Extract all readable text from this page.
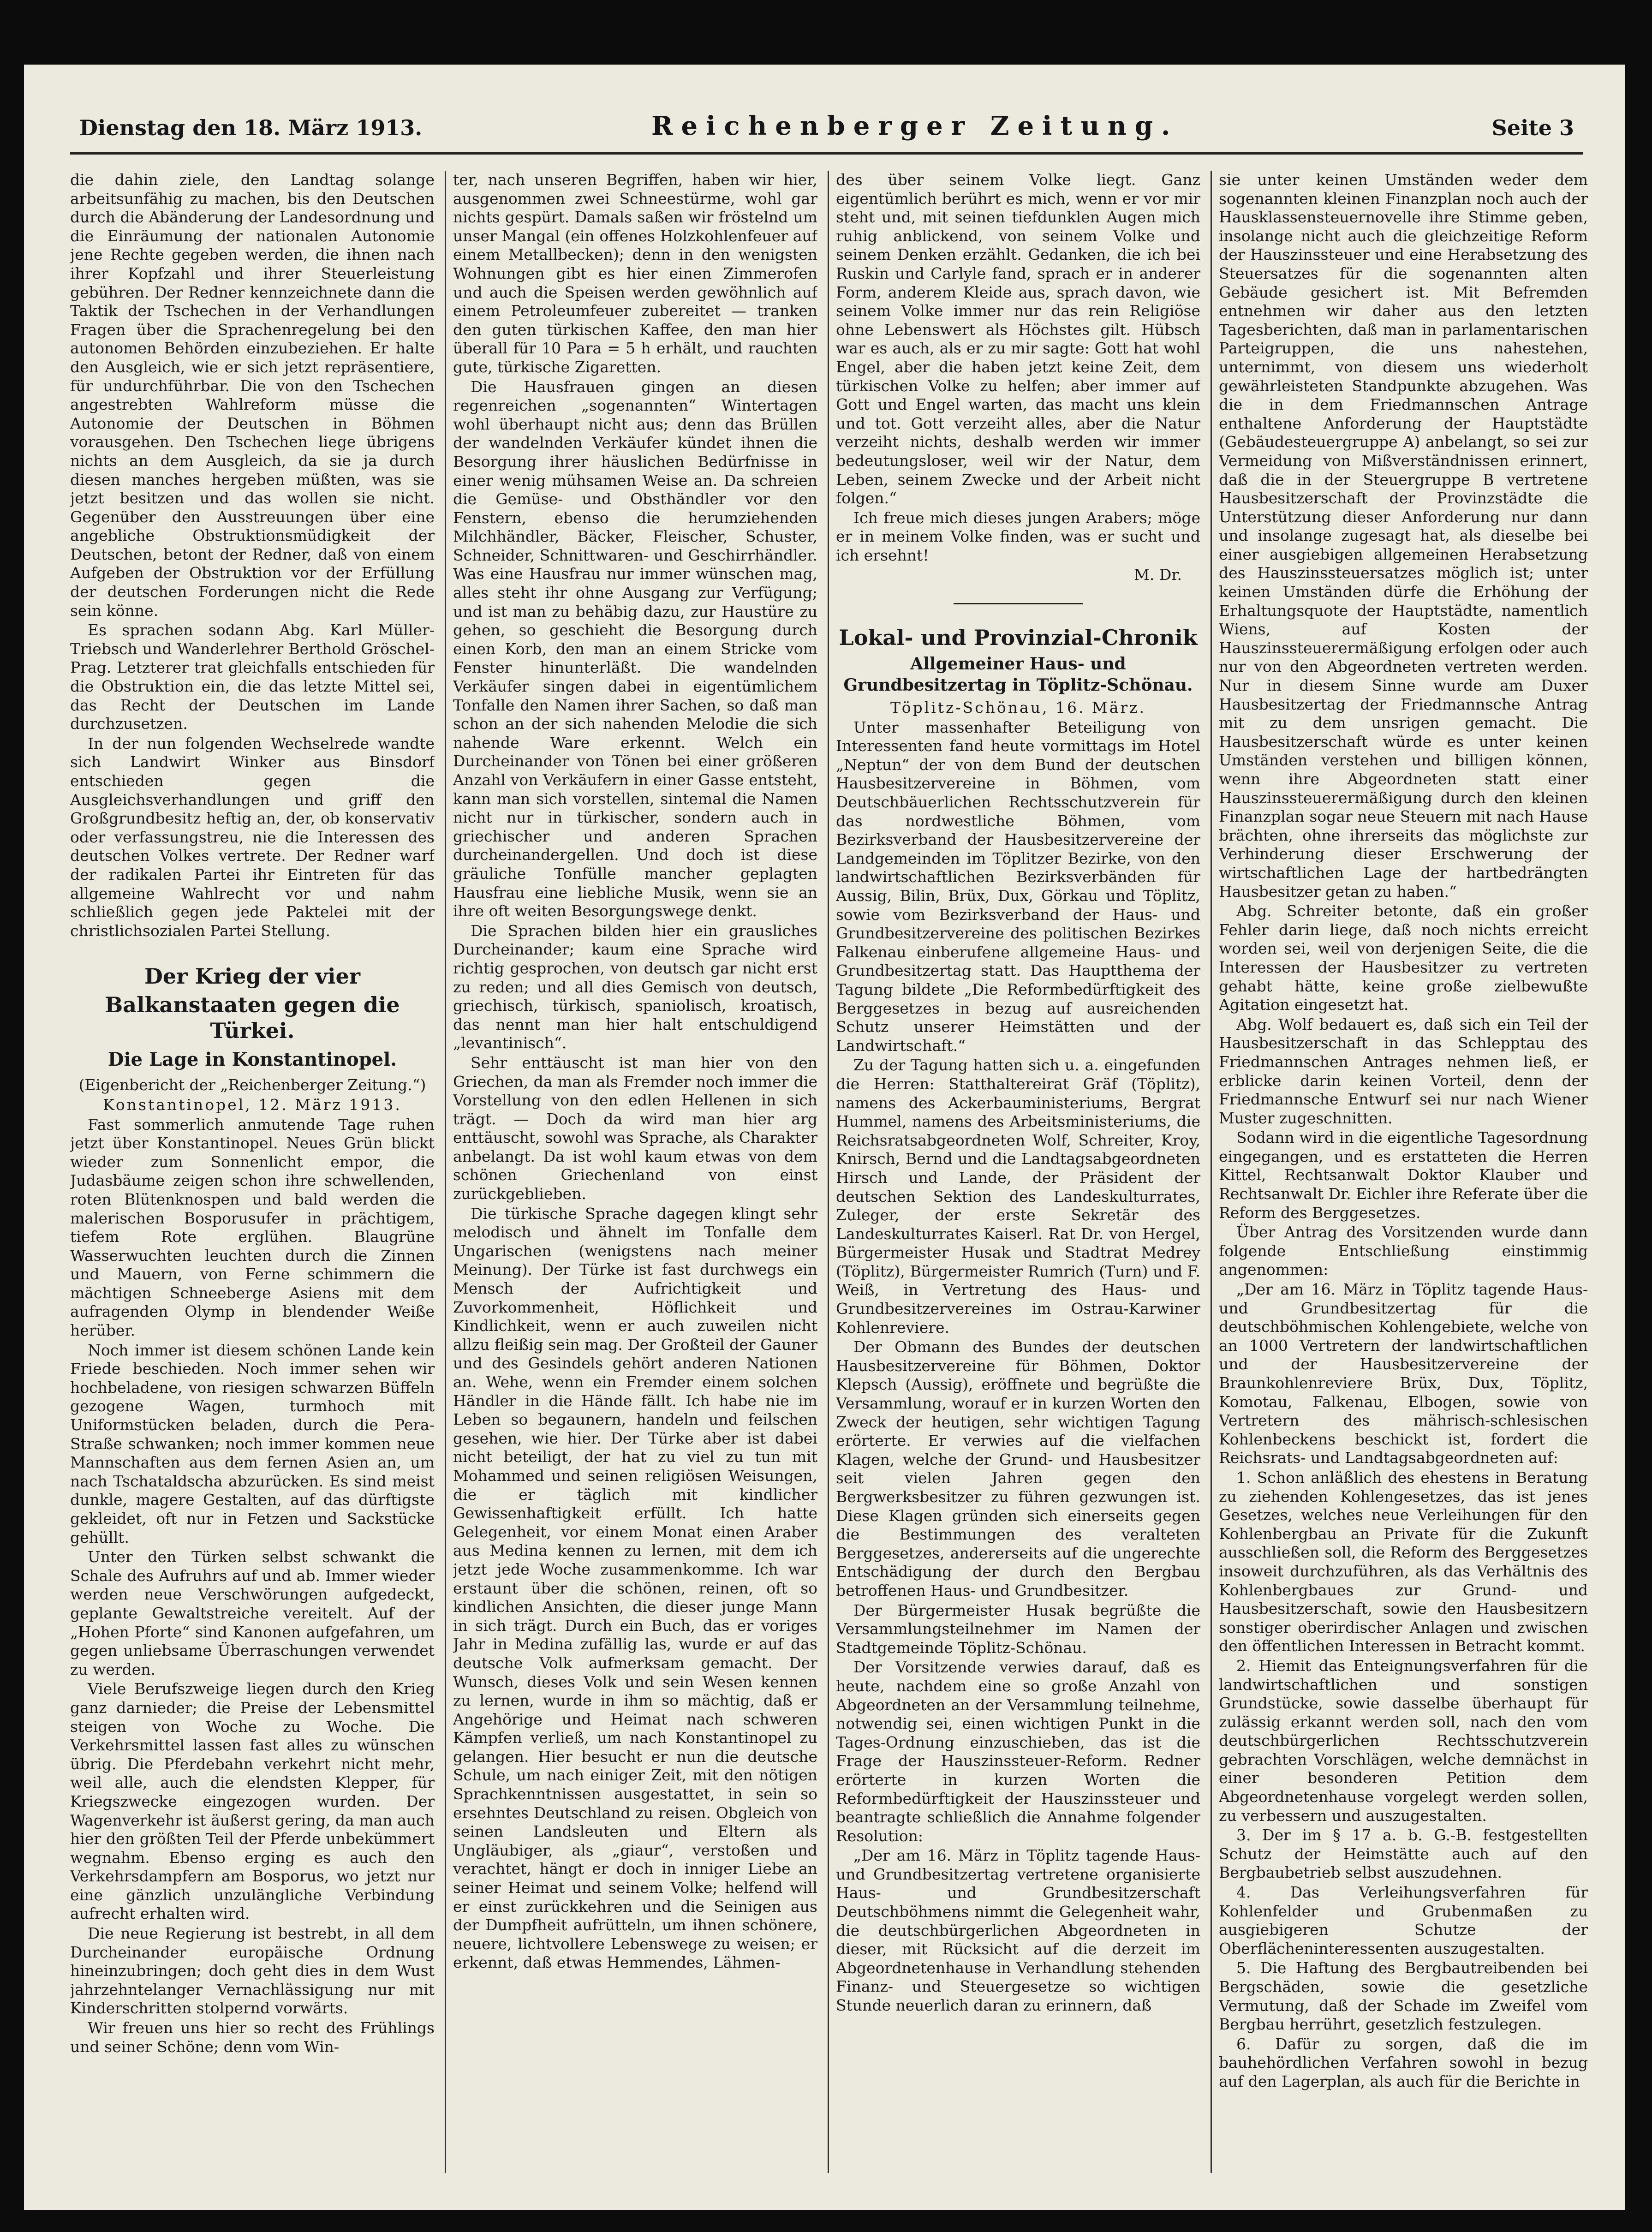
Dienstag den 18. März 1913.	Reichenberger Zeitung.	Seite 3

die dahin ziele, den Landtag solange arbeitsunfähig zu machen, bis den Deutschen durch die Abänderung der Landesordnung und die Einräumung der nationalen Autonomie jene Rechte gegeben werden, die ihnen nach ihrer Kopfzahl und ihrer Steuerleistung gebühren. Der Redner kennzeichnete dann die Taktik der Tschechen in der Verhandlungen Fragen über die Sprachenregelung bei den autonomen Behörden einzubeziehen. Er halte den Ausgleich, wie er sich jetzt repräsentiere, für undurchführbar. Die von den Tschechen angestrebten Wahlreform müsse die Autonomie der Deutschen in Böhmen vorausgehen. Den Tschechen liege übrigens nichts an dem Ausgleich, da sie ja durch diesen manches hergeben müßten, was sie jetzt besitzen und das wollen sie nicht. Gegenüber den Ausstreuungen über eine angebliche Obstruktionsmüdigkeit der Deutschen, betont der Redner, daß von einem Aufgeben der Obstruktion vor der Erfüllung der deutschen Forderungen nicht die Rede sein könne.

Es sprachen sodann Abg. Karl Müller-Triebsch und Wanderlehrer Berthold Gröschel-Prag. Letzterer trat gleichfalls entschieden für die Obstruktion ein, die das letzte Mittel sei, das Recht der Deutschen im Lande durchzusetzen.

In der nun folgenden Wechselrede wandte sich Landwirt Winker aus Binsdorf entschieden gegen die Ausgleichsverhandlungen und griff den Großgrundbesitz heftig an, der, ob konservativ oder verfassungstreu, nie die Interessen des deutschen Volkes vertrete. Der Redner warf der radikalen Partei ihr Eintreten für das allgemeine Wahlrecht vor und nahm schließlich gegen jede Paktelei mit der christlichsozialen Partei Stellung.

Der Krieg der vier
Balkanstaaten gegen die Türkei.
Die Lage in Konstantinopel.

(Eigenbericht der „Reichenberger Zeitung.“)

Konstantinopel, 12. März 1913.

Fast sommerlich anmutende Tage ruhen jetzt über Konstantinopel. Neues Grün blickt wieder zum Sonnenlicht empor, die Judasbäume zeigen schon ihre schwellenden, roten Blütenknospen und bald werden die malerischen Bosporusufer in prächtigem, tiefem Rote erglühen. Blaugrüne Wasserwuchten leuchten durch die Zinnen und Mauern, von Ferne schimmern die mächtigen Schneeberge Asiens mit dem aufragenden Olymp in blendender Weiße herüber.

Noch immer ist diesem schönen Lande kein Friede beschieden. Noch immer sehen wir hochbeladene, von riesigen schwarzen Büffeln gezogene Wagen, turmhoch mit Uniformstücken beladen, durch die Pera-Straße schwanken; noch immer kommen neue Mannschaften aus dem fernen Asien an, um nach Tschataldscha abzurücken. Es sind meist dunkle, magere Gestalten, auf das dürftigste gekleidet, oft nur in Fetzen und Sackstücke gehüllt.

Unter den Türken selbst schwankt die Schale des Aufruhrs auf und ab. Immer wieder werden neue Verschwörungen aufgedeckt, geplante Gewaltstreiche vereitelt. Auf der „Hohen Pforte“ sind Kanonen aufgefahren, um gegen unliebsame Überraschungen verwendet zu werden.

Viele Berufszweige liegen durch den Krieg ganz darnieder; die Preise der Lebensmittel steigen von Woche zu Woche. Die Verkehrsmittel lassen fast alles zu wünschen übrig. Die Pferdebahn verkehrt nicht mehr, weil alle, auch die elendsten Klepper, für Kriegszwecke eingezogen wurden. Der Wagenverkehr ist äußerst gering, da man auch hier den größten Teil der Pferde unbekümmert wegnahm. Ebenso erging es auch den Verkehrsdampfern am Bosporus, wo jetzt nur eine gänzlich unzulängliche Verbindung aufrecht erhalten wird.

Die neue Regierung ist bestrebt, in all dem Durcheinander europäische Ordnung hineinzubringen; doch geht dies in dem Wust jahrzehntelanger Vernachlässigung nur mit Kinderschritten stolpernd vorwärts.

Wir freuen uns hier so recht des Frühlings und seiner Schöne; denn vom Win-

ter, nach unseren Begriffen, haben wir hier, ausgenommen zwei Schneestürme, wohl gar nichts gespürt. Damals saßen wir fröstelnd um unser Mangal (ein offenes Holzkohlenfeuer auf einem Metallbecken); denn in den wenigsten Wohnungen gibt es hier einen Zimmerofen und auch die Speisen werden gewöhnlich auf einem Petroleumfeuer zubereitet — tranken den guten türkischen Kaffee, den man hier überall für 10 Para = 5 h erhält, und rauchten gute, türkische Zigaretten.

Die Hausfrauen gingen an diesen regenreichen „sogenannten“ Wintertagen wohl überhaupt nicht aus; denn das Brüllen der wandelnden Verkäufer kündet ihnen die Besorgung ihrer häuslichen Bedürfnisse in einer wenig mühsamen Weise an. Da schreien die Gemüse- und Obsthändler vor den Fenstern, ebenso die herumziehenden Milchhändler, Bäcker, Fleischer, Schuster, Schneider, Schnittwaren- und Geschirrhändler. Was eine Hausfrau nur immer wünschen mag, alles steht ihr ohne Ausgang zur Verfügung; und ist man zu behäbig dazu, zur Haustüre zu gehen, so geschieht die Besorgung durch einen Korb, den man an einem Stricke vom Fenster hinunterläßt. Die wandelnden Verkäufer singen dabei in eigentümlichem Tonfalle den Namen ihrer Sachen, so daß man schon an der sich nahenden Melodie die sich nahende Ware erkennt. Welch ein Durcheinander von Tönen bei einer größeren Anzahl von Verkäufern in einer Gasse entsteht, kann man sich vorstellen, sintemal die Namen nicht nur in türkischer, sondern auch in griechischer und anderen Sprachen durcheinandergellen. Und doch ist diese gräuliche Tonfülle mancher geplagten Hausfrau eine liebliche Musik, wenn sie an ihre oft weiten Besorgungswege denkt.

Die Sprachen bilden hier ein grausliches Durcheinander; kaum eine Sprache wird richtig gesprochen, von deutsch gar nicht erst zu reden; und all dies Gemisch von deutsch, griechisch, türkisch, spaniolisch, kroatisch, das nennt man hier halt entschuldigend „levantinisch“.

Sehr enttäuscht ist man hier von den Griechen, da man als Fremder noch immer die Vorstellung von den edlen Hellenen in sich trägt. — Doch da wird man hier arg enttäuscht, sowohl was Sprache, als Charakter anbelangt. Da ist wohl kaum etwas von dem schönen Griechenland von einst zurückgeblieben.

Die türkische Sprache dagegen klingt sehr melodisch und ähnelt im Tonfalle dem Ungarischen (wenigstens nach meiner Meinung). Der Türke ist fast durchwegs ein Mensch der Aufrichtigkeit und Zuvorkommenheit, Höflichkeit und Kindlichkeit, wenn er auch zuweilen nicht allzu fleißig sein mag. Der Großteil der Gauner und des Gesindels gehört anderen Nationen an. Wehe, wenn ein Fremder einem solchen Händler in die Hände fällt. Ich habe nie im Leben so begaunern, handeln und feilschen gesehen, wie hier. Der Türke aber ist dabei nicht beteiligt, der hat zu viel zu tun mit Mohammed und seinen religiösen Weisungen, die er täglich mit kindlicher Gewissenhaftigkeit erfüllt. Ich hatte Gelegenheit, vor einem Monat einen Araber aus Medina kennen zu lernen, mit dem ich jetzt jede Woche zusammenkomme. Ich war erstaunt über die schönen, reinen, oft so kindlichen Ansichten, die dieser junge Mann in sich trägt. Durch ein Buch, das er voriges Jahr in Medina zufällig las, wurde er auf das deutsche Volk aufmerksam gemacht. Der Wunsch, dieses Volk und sein Wesen kennen zu lernen, wurde in ihm so mächtig, daß er Angehörige und Heimat nach schweren Kämpfen verließ, um nach Konstantinopel zu gelangen. Hier besucht er nun die deutsche Schule, um nach einiger Zeit, mit den nötigen Sprachkenntnissen ausgestattet, in sein so ersehntes Deutschland zu reisen. Obgleich von seinen Landsleuten und Eltern als Ungläubiger, als „giaur“, verstoßen und verachtet, hängt er doch in inniger Liebe an seiner Heimat und seinem Volke; helfend will er einst zurückkehren und die Seinigen aus der Dumpfheit aufrütteln, um ihnen schönere, neuere, lichtvollere Lebenswege zu weisen; er erkennt, daß etwas Hemmendes, Lähmen-

des über seinem Volke liegt. Ganz eigentümlich berührt es mich, wenn er vor mir steht und, mit seinen tiefdunklen Augen mich ruhig anblickend, von seinem Volke und seinem Denken erzählt. Gedanken, die ich bei Ruskin und Carlyle fand, sprach er in anderer Form, anderem Kleide aus, sprach davon, wie seinem Volke immer nur das rein Religiöse ohne Lebenswert als Höchstes gilt. Hübsch war es auch, als er zu mir sagte: Gott hat wohl Engel, aber die haben jetzt keine Zeit, dem türkischen Volke zu helfen; aber immer auf Gott und Engel warten, das macht uns klein und tot. Gott verzeiht alles, aber die Natur verzeiht nichts, deshalb werden wir immer bedeutungsloser, weil wir der Natur, dem Leben, seinem Zwecke und der Arbeit nicht folgen.“

Ich freue mich dieses jungen Arabers; möge er in meinem Volke finden, was er sucht und ich ersehnt!

M. Dr.

Lokal- und Provinzial-Chronik
Allgemeiner Haus- und Grundbesitzertag in Töplitz-Schönau.

Töplitz-Schönau, 16. März.

Unter massenhafter Beteiligung von Interessenten fand heute vormittags im Hotel „Neptun“ der von dem Bund der deutschen Hausbesitzervereine in Böhmen, vom Deutschbäuerlichen Rechtsschutzverein für das nordwestliche Böhmen, vom Bezirksverband der Hausbesitzervereine der Landgemeinden im Töplitzer Bezirke, von den landwirtschaftlichen Bezirksverbänden für Aussig, Bilin, Brüx, Dux, Görkau und Töplitz, sowie vom Bezirksverband der Haus- und Grundbesitzervereine des politischen Bezirkes Falkenau einberufene allgemeine Haus- und Grundbesitzertag statt. Das Hauptthema der Tagung bildete „Die Reformbedürftigkeit des Berggesetzes in bezug auf ausreichenden Schutz unserer Heimstätten und der Landwirtschaft.“

Zu der Tagung hatten sich u. a. eingefunden die Herren: Statthaltereirat Gräf (Töplitz), namens des Ackerbauministeriums, Bergrat Hummel, namens des Arbeitsministeriums, die Reichsratsabgeordneten Wolf, Schreiter, Kroy, Knirsch, Bernd und die Landtagsabgeordneten Hirsch und Lande, der Präsident der deutschen Sektion des Landeskulturrates, Zuleger, der erste Sekretär des Landeskulturrates Kaiserl. Rat Dr. von Hergel, Bürgermeister Husak und Stadtrat Medrey (Töplitz), Bürgermeister Rumrich (Turn) und F. Weiß, in Vertretung des Haus- und Grundbesitzervereines im Ostrau-Karwiner Kohlenreviere.

Der Obmann des Bundes der deutschen Hausbesitzervereine für Böhmen, Doktor Klepsch (Aussig), eröffnete und begrüßte die Versammlung, worauf er in kurzen Worten den Zweck der heutigen, sehr wichtigen Tagung erörterte. Er verwies auf die vielfachen Klagen, welche der Grund- und Hausbesitzer seit vielen Jahren gegen den Bergwerksbesitzer zu führen gezwungen ist. Diese Klagen gründen sich einerseits gegen die Bestimmungen des veralteten Berggesetzes, andererseits auf die ungerechte Entschädigung der durch den Bergbau betroffenen Haus- und Grundbesitzer.

Der Bürgermeister Husak begrüßte die Versammlungsteilnehmer im Namen der Stadtgemeinde Töplitz-Schönau.

Der Vorsitzende verwies darauf, daß es heute, nachdem eine so große Anzahl von Abgeordneten an der Versammlung teilnehme, notwendig sei, einen wichtigen Punkt in die Tages-Ordnung einzuschieben, das ist die Frage der Hauszinssteuer-Reform. Redner erörterte in kurzen Worten die Reformbedürftigkeit der Hauszinssteuer und beantragte schließlich die Annahme folgender Resolution:

„Der am 16. März in Töplitz tagende Haus- und Grundbesitzertag vertretene organisierte Haus- und Grundbesitzerschaft Deutschböhmens nimmt die Gelegenheit wahr, die deutschbürgerlichen Abgeordneten in dieser, mit Rücksicht auf die derzeit im Abgeordnetenhause in Verhandlung stehenden Finanz- und Steuergesetze so wichtigen Stunde neuerlich daran zu erinnern, daß

sie unter keinen Umständen weder dem sogenannten kleinen Finanzplan noch auch der Hausklassensteuernovelle ihre Stimme geben, insolange nicht auch die gleichzeitige Reform der Hauszinssteuer und eine Herabsetzung des Steuersatzes für die sogenannten alten Gebäude gesichert ist. Mit Befremden entnehmen wir daher aus den letzten Tagesberichten, daß man in parlamentarischen Parteigruppen, die uns nahestehen, unternimmt, von diesem uns wiederholt gewährleisteten Standpunkte abzugehen. Was die in dem Friedmannschen Antrage enthaltene Anforderung der Hauptstädte (Gebäudesteuergruppe A) anbelangt, so sei zur Vermeidung von Mißverständnissen erinnert, daß die in der Steuergruppe B vertretene Hausbesitzerschaft der Provinzstädte die Unterstützung dieser Anforderung nur dann und insolange zugesagt hat, als dieselbe bei einer ausgiebigen allgemeinen Herabsetzung des Hauszinssteuersatzes möglich ist; unter keinen Umständen dürfe die Erhöhung der Erhaltungsquote der Hauptstädte, namentlich Wiens, auf Kosten der Hauszinssteuerermäßigung erfolgen oder auch nur von den Abgeordneten vertreten werden. Nur in diesem Sinne wurde am Duxer Hausbesitzertag der Friedmannsche Antrag mit zu dem unsrigen gemacht. Die Hausbesitzerschaft würde es unter keinen Umständen verstehen und billigen können, wenn ihre Abgeordneten statt einer Hauszinssteuerermäßigung durch den kleinen Finanzplan sogar neue Steuern mit nach Hause brächten, ohne ihrerseits das möglichste zur Verhinderung dieser Erschwerung der wirtschaftlichen Lage der hartbedrängten Hausbesitzer getan zu haben.“

Abg. Schreiter betonte, daß ein großer Fehler darin liege, daß noch nichts erreicht worden sei, weil von derjenigen Seite, die die Interessen der Hausbesitzer zu vertreten gehabt hätte, keine große zielbewußte Agitation eingesetzt hat.

Abg. Wolf bedauert es, daß sich ein Teil der Hausbesitzerschaft in das Schlepptau des Friedmannschen Antrages nehmen ließ, er erblicke darin keinen Vorteil, denn der Friedmannsche Entwurf sei nur nach Wiener Muster zugeschnitten.

Sodann wird in die eigentliche Tagesordnung eingegangen, und es erstatteten die Herren Kittel, Rechtsanwalt Doktor Klauber und Rechtsanwalt Dr. Eichler ihre Referate über die Reform des Berggesetzes.

Über Antrag des Vorsitzenden wurde dann folgende Entschließung einstimmig angenommen:

„Der am 16. März in Töplitz tagende Haus- und Grundbesitzertag für die deutschböhmischen Kohlengebiete, welche von an 1000 Vertretern der landwirtschaftlichen und der Hausbesitzervereine der Braunkohlenreviere Brüx, Dux, Töplitz, Komotau, Falkenau, Elbogen, sowie von Vertretern des mährisch-schlesischen Kohlenbeckens beschickt ist, fordert die Reichsrats- und Landtagsabgeordneten auf:

1. Schon anläßlich des ehestens in Beratung zu ziehenden Kohlengesetzes, das ist jenes Gesetzes, welches neue Verleihungen für den Kohlenbergbau an Private für die Zukunft ausschließen soll, die Reform des Berggesetzes insoweit durchzuführen, als das Verhältnis des Kohlenbergbaues zur Grund- und Hausbesitzerschaft, sowie den Hausbesitzern sonstiger oberirdischer Anlagen und zwischen den öffentlichen Interessen in Betracht kommt.

2. Hiemit das Enteignungsverfahren für die landwirtschaftlichen und sonstigen Grundstücke, sowie dasselbe überhaupt für zulässig erkannt werden soll, nach den vom deutschbürgerlichen Rechtsschutzverein gebrachten Vorschlägen, welche demnächst in einer besonderen Petition dem Abgeordnetenhause vorgelegt werden sollen, zu verbessern und auszugestalten.

3. Der im § 17 a. b. G.-B. festgestellten Schutz der Heimstätte auch auf den Bergbaubetrieb selbst auszudehnen.

4. Das Verleihungsverfahren für Kohlenfelder und Grubenmaßen zu ausgiebigeren Schutze der Oberflächeninteressenten auszugestalten.

5. Die Haftung des Bergbautreibenden bei Bergschäden, sowie die gesetzliche Vermutung, daß der Schade im Zweifel vom Bergbau herrührt, gesetzlich festzulegen.

6. Dafür zu sorgen, daß die im bauhehördlichen Verfahren sowohl in bezug auf den Lagerplan, als auch für die Berichte in
